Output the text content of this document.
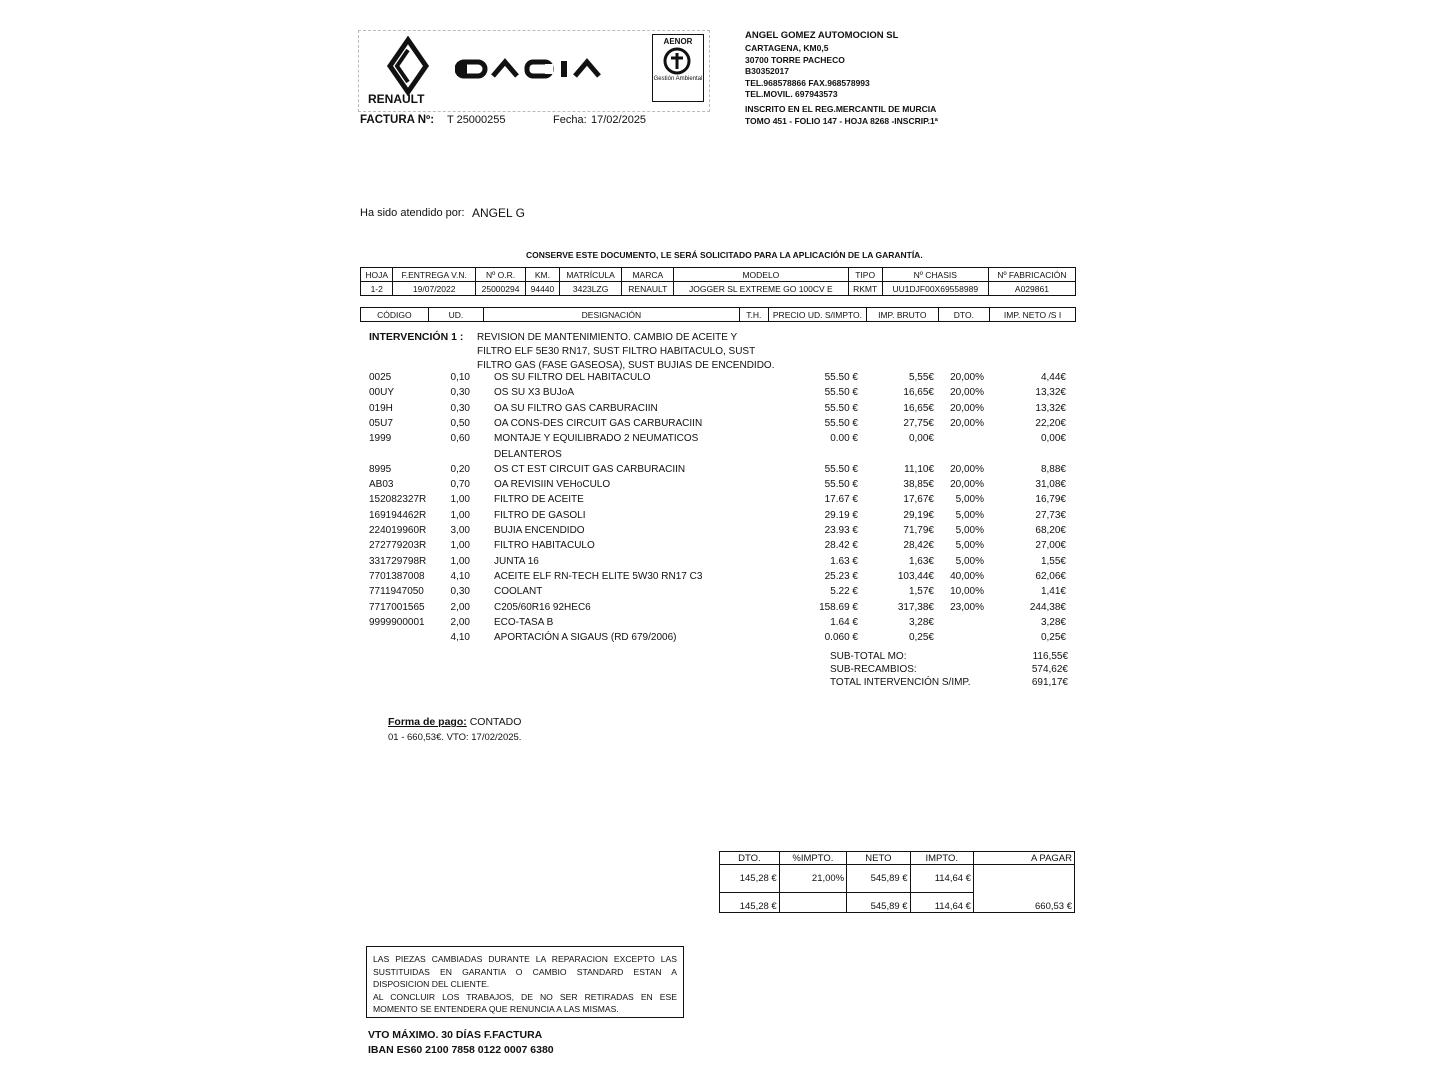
RENAULT
AENOR
Gestión Ambiental
FACTURA Nº: T 25000255	Fecha: 17/02/2025
ANGEL GOMEZ AUTOMOCION SL
CARTAGENA, KM0,5
30700 TORRE PACHECO
B30352017
TEL.968578866 FAX.968578993
TEL.MOVIL. 697943573
INSCRITO EN EL REG.MERCANTIL DE MURCIA
TOMO 451 - FOLIO 147 - HOJA 8268 -INSCRIP.1ª
Ha sido atendido por: ANGEL G
CONSERVE ESTE DOCUMENTO, LE SERÁ SOLICITADO PARA LA APLICACIÓN DE LA GARANTÍA.
HOJA	F.ENTREGA V.N.	Nº O.R.	KM.	MATRÍCULA	MARCA	MODELO	TIPO	Nº CHASIS	Nº FABRICACIÓN
1-2	19/07/2022	25000294	94440	3423LZG	RENAULT	JOGGER SL EXTREME GO 100CV E	RKMT	UU1DJF00X69558989	A029861
CÓDIGO	UD.	DESIGNACIÓN	T.H.	PRECIO UD. S/IMPTO.	IMP. BRUTO	DTO.	IMP. NETO /S I
INTERVENCIÓN 1 : REVISION DE MANTENIMIENTO. CAMBIO DE ACEITE Y
FILTRO ELF 5E30 RN17, SUST FILTRO HABITACULO, SUST
FILTRO GAS (FASE GASEOSA), SUST BUJIAS DE ENCENDIDO.
0025	0,10 OS SU FILTRO DEL HABITACULO	55.50 €	5,55€	20,00%	4,44€
00UY	0,30 OS SU X3 BUJoA	55.50 €	16,65€	20,00%	13,32€
019H	0,30 OA SU FILTRO GAS CARBURACIIN	55.50 €	16,65€	20,00%	13,32€
05U7	0,50 OA CONS-DES CIRCUIT GAS CARBURACIIN	55.50 €	27,75€	20,00%	22,20€
1999	0,60 MONTAJE Y EQUILIBRADO 2 NEUMATICOS	0.00 €	0,00€	0,00€
DELANTEROS
8995	0,20 OS CT EST CIRCUIT GAS CARBURACIIN	55.50 €	11,10€	20,00%	8,88€
AB03	0,70 OA REVISIIN VEHoCULO	55.50 €	38,85€	20,00%	31,08€
152082327R	1,00 FILTRO DE ACEITE	17.67 €	17,67€	5,00%	16,79€
169194462R	1,00 FILTRO DE GASOLI	29.19 €	29,19€	5,00%	27,73€
224019960R	3,00 BUJIA ENCENDIDO	23.93 €	71,79€	5,00%	68,20€
272779203R	1,00 FILTRO HABITACULO	28.42 €	28,42€	5,00%	27,00€
331729798R	1,00 JUNTA 16	1.63 €	1,63€	5,00%	1,55€
7701387008	4,10 ACEITE ELF RN-TECH ELITE 5W30 RN17 C3	25.23 €	103,44€	40,00%	62,06€
7711947050	0,30 COOLANT	5.22 €	1,57€	10,00%	1,41€
7717001565	2,00 C205/60R16 92HEC6	158.69 €	317,38€	23,00%	244,38€
9999900001	2,00 ECO-TASA B	1.64 €	3,28€	3,28€
4,10 APORTACIÓN A SIGAUS (RD 679/2006)	0.060 €	0,25€	0,25€
SUB-TOTAL MO:	116,55€
SUB-RECAMBIOS:	574,62€
TOTAL INTERVENCIÓN S/IMP.	691,17€
Forma de pago: CONTADO
01 - 660,53€. VTO: 17/02/2025.
DTO.	%IMPTO.	NETO	IMPTO.	A PAGAR
145,28 €	21,00%	545,89 €	114,64 €	
145,28 €		545,89 €	114,64 €	660,53 €
LAS PIEZAS CAMBIADAS DURANTE LA REPARACION EXCEPTO LAS SUSTITUIDAS EN GARANTIA O CAMBIO STANDARD ESTAN A DISPOSICION DEL CLIENTE.
AL CONCLUIR LOS TRABAJOS, DE NO SER RETIRADAS EN ESE MOMENTO SE ENTENDERA QUE RENUNCIA A LAS MISMAS.
VTO MÁXIMO. 30 DÍAS F.FACTURA
IBAN ES60 2100 7858 0122 0007 6380
